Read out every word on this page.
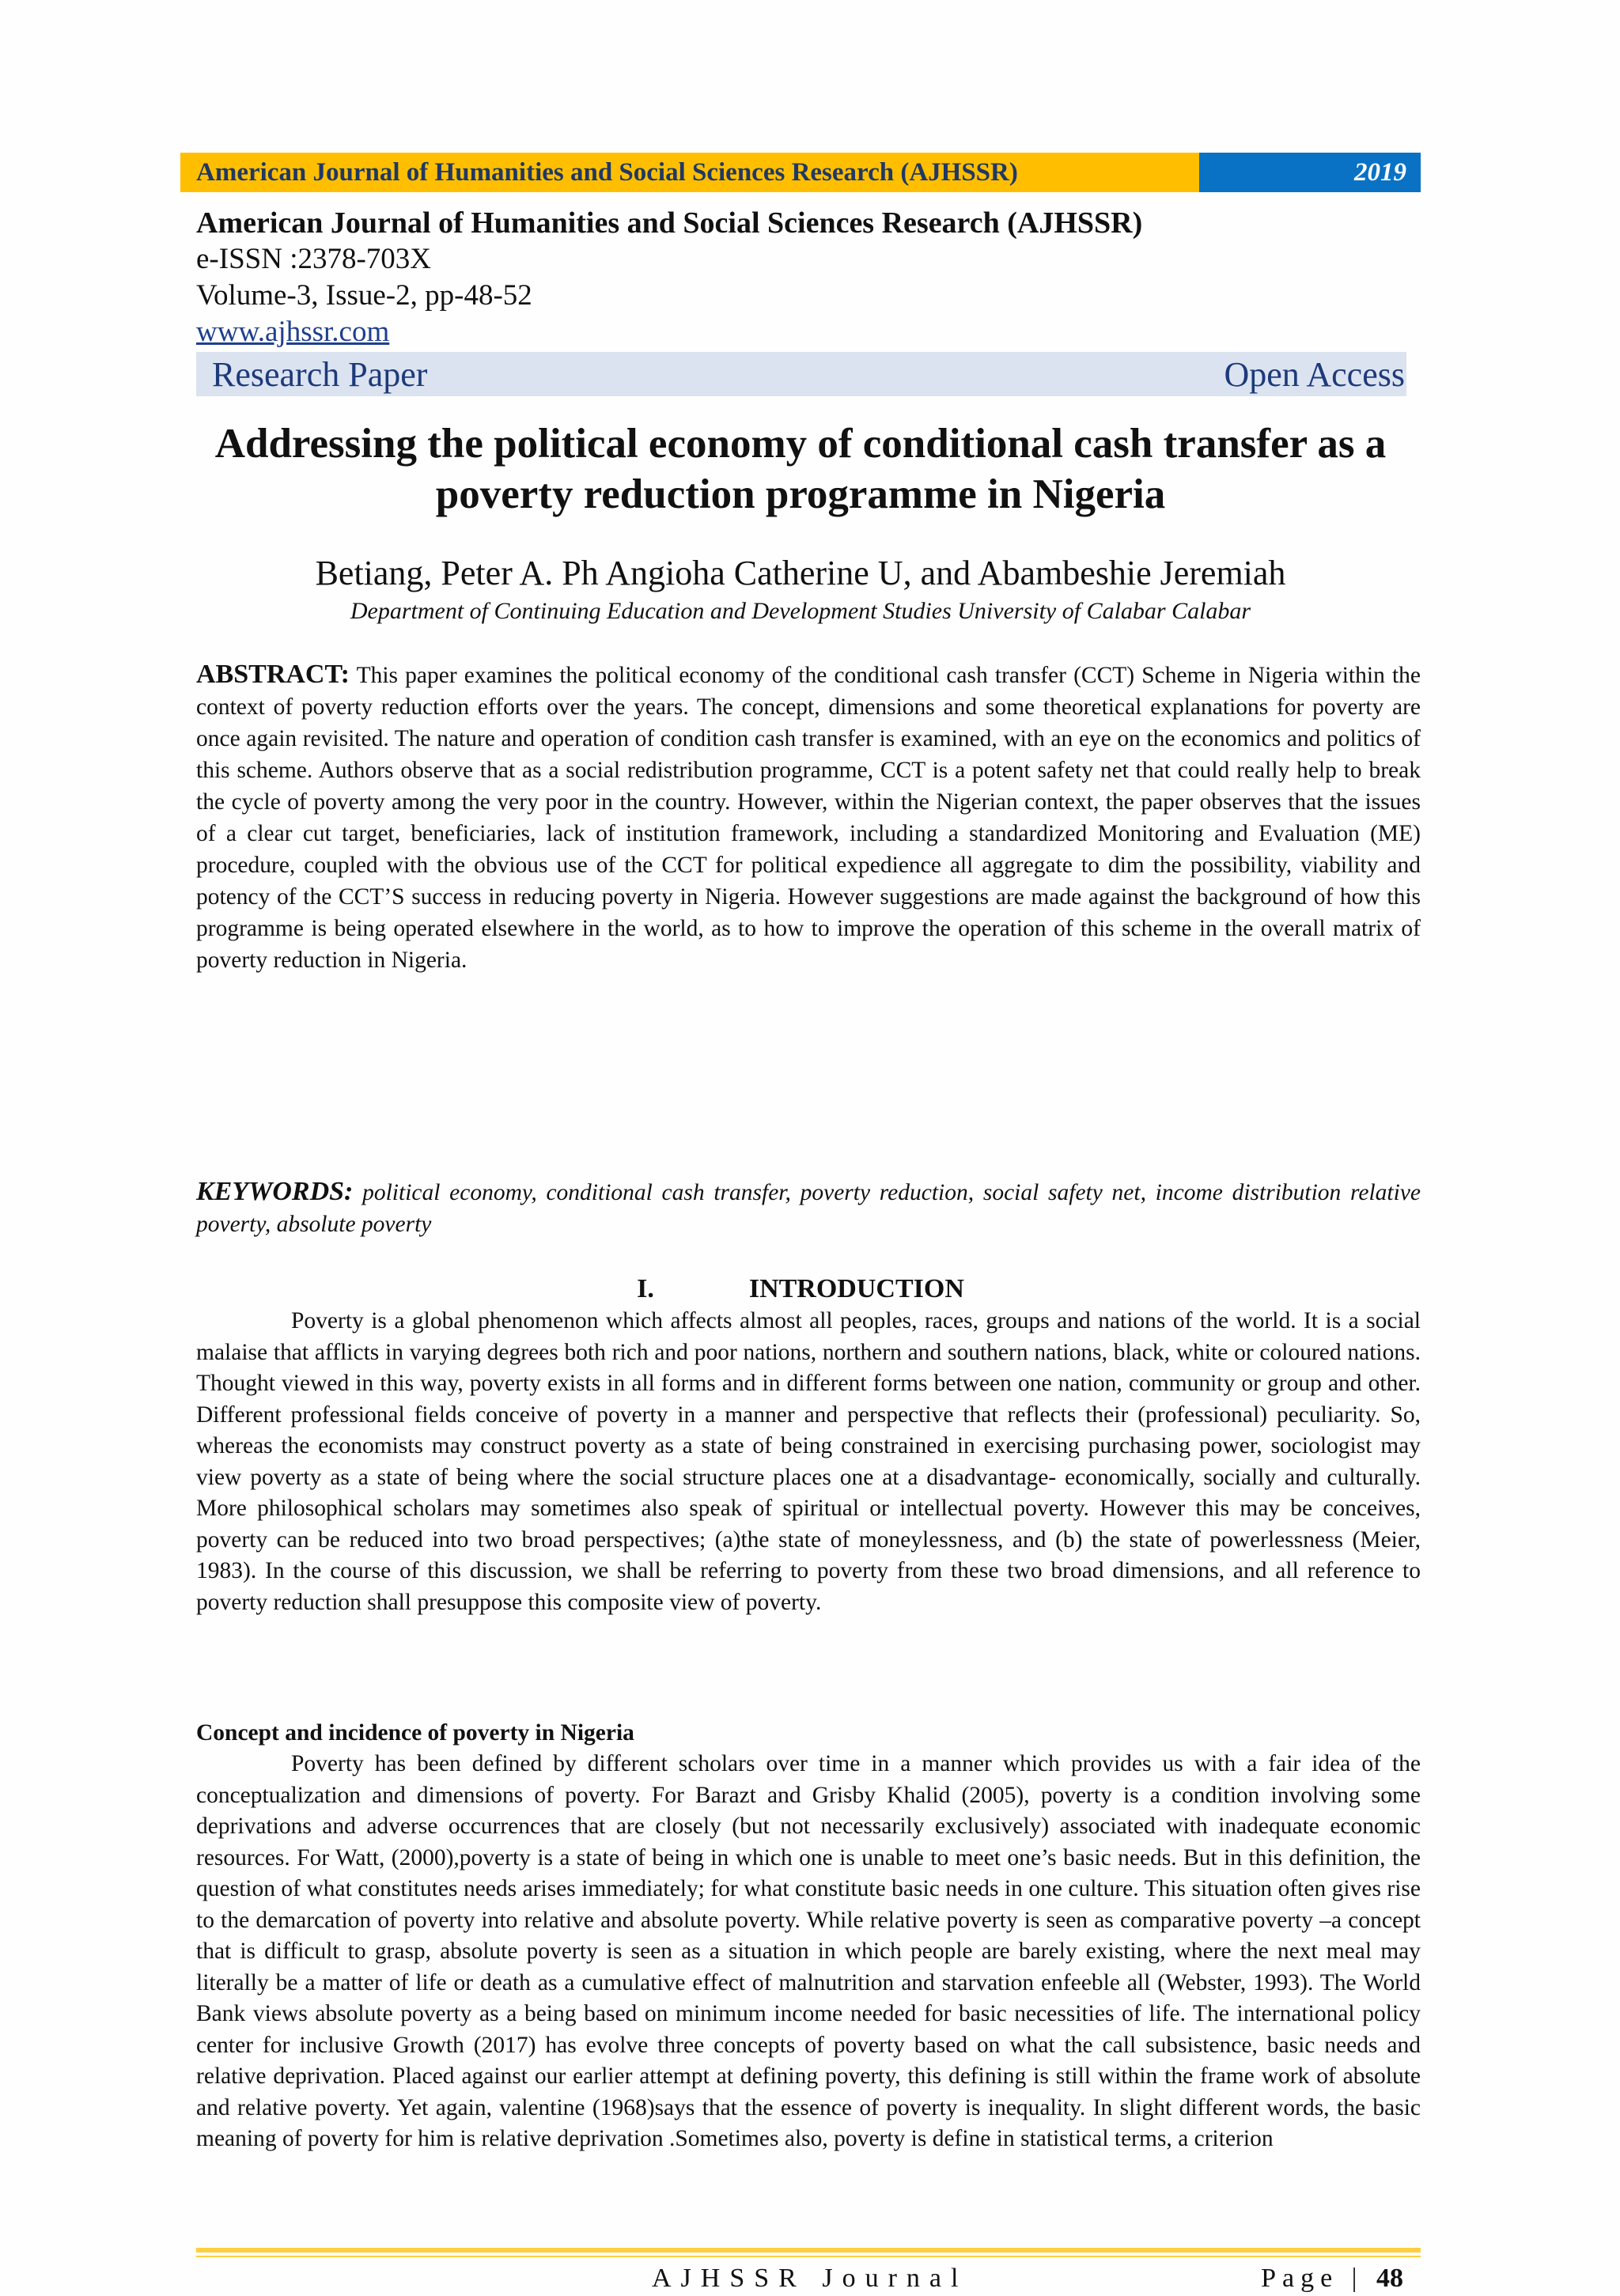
American Journal of Humanities and Social Sciences Research (AJHSSR)	2019
American Journal of Humanities and Social Sciences Research (AJHSSR)
e-ISSN :2378-703X
Volume-3, Issue-2, pp-48-52
www.ajhssr.com
Research Paper	Open Access
Addressing the political economy of conditional cash transfer as a
poverty reduction programme in Nigeria
Betiang, Peter A. Ph Angioha Catherine U, and Abambeshie Jeremiah
Department of Continuing Education and Development Studies University of Calabar Calabar
ABSTRACT: This paper examines the political economy of the conditional cash transfer (CCT) Scheme in Nigeria within the context of poverty reduction efforts over the years. The concept, dimensions and some theoretical explanations for poverty are once again revisited. The nature and operation of condition cash transfer is examined, with an eye on the economics and politics of this scheme. Authors observe that as a social redistribution programme, CCT is a potent safety net that could really help to break the cycle of poverty among the very poor in the country. However, within the Nigerian context, the paper observes that the issues of a clear cut target, beneficiaries, lack of institution framework, including a standardized Monitoring and Evaluation (ME) procedure, coupled with the obvious use of the CCT for political expedience all aggregate to dim the possibility, viability and potency of the CCT’S success in reducing poverty in Nigeria. However suggestions are made against the background of how this programme is being operated elsewhere in the world, as to how to improve the operation of this scheme in the overall matrix of poverty reduction in Nigeria.
KEYWORDS: political economy, conditional cash transfer, poverty reduction, social safety net, income distribution relative poverty, absolute poverty
I.	INTRODUCTION

Poverty is a global phenomenon which affects almost all peoples, races, groups and nations of the world. It is a social malaise that afflicts in varying degrees both rich and poor nations, northern and southern nations, black, white or coloured nations. Thought viewed in this way, poverty exists in all forms and in different forms between one nation, community or group and other. Different professional fields conceive of poverty in a manner and perspective that reflects their (professional) peculiarity. So, whereas the economists may construct poverty as a state of being constrained in exercising purchasing power, sociologist may view poverty as a state of being where the social structure places one at a disadvantage- economically, socially and culturally. More philosophical scholars may sometimes also speak of spiritual or intellectual poverty. However this may be conceives, poverty can be reduced into two broad perspectives; (a)the state of moneylessness, and (b) the state of powerlessness (Meier, 1983). In the course of this discussion, we shall be referring to poverty from these two broad dimensions, and all reference to poverty reduction shall presuppose this composite view of poverty.

Concept and incidence of poverty in Nigeria

Poverty has been defined by different scholars over time in a manner which provides us with a fair idea of the conceptualization and dimensions of poverty. For Barazt and Grisby Khalid (2005), poverty is a condition involving some deprivations and adverse occurrences that are closely (but not necessarily exclusively) associated with inadequate economic resources. For Watt, (2000),poverty is a state of being in which one is unable to meet one’s basic needs. But in this definition, the question of what constitutes needs arises immediately; for what constitute basic needs in one culture. This situation often gives rise to the demarcation of poverty into relative and absolute poverty. While relative poverty is seen as comparative poverty –a concept that is difficult to grasp, absolute poverty is seen as a situation in which people are barely existing, where the next meal may literally be a matter of life or death as a cumulative effect of malnutrition and starvation enfeeble all (Webster, 1993). The World Bank views absolute poverty as a being based on minimum income needed for basic necessities of life. The international policy center for inclusive Growth (2017) has evolve three concepts of poverty based on what the call subsistence, basic needs and relative deprivation. Placed against our earlier attempt at defining poverty, this defining is still within the frame work of absolute and relative poverty. Yet again, valentine (1968)says that the essence of poverty is inequality. In slight different words, the basic meaning of poverty for him is relative deprivation .Sometimes also, poverty is define in statistical terms, a criterion

AJHSSR Journal	Page | 48
